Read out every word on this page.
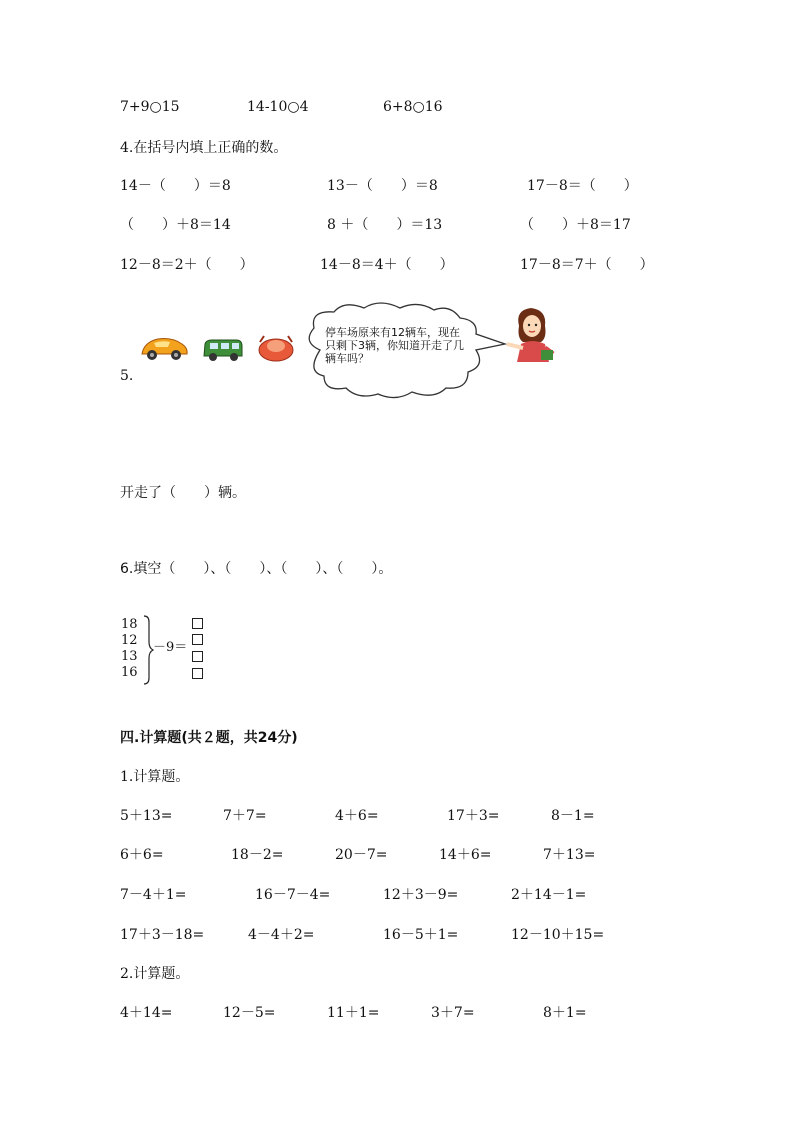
7+9○15	14-10○4	6+8○16
4.在括号内填上正确的数。
14－（　　）＝8	13－（　　）＝8	17－8＝（　　）
（　　）＋8＝14	8 ＋（　　）＝13	（　　）＋8＝17
12－8＝2＋（　　）	14－8＝4＋（　　）	17－8＝7＋（　　）
停车场原来有12辆车，现在只剩下3辆，你知道开走了几辆车吗？
5.
开走了（　　）辆。
6.填空（　　）、（　　）、（　　）、（　　）。
18
12
13
16
－9＝
四.计算题(共２题，共24分)
1.计算题。
5＋13=	7＋7=	4＋6=	17＋3=	8－1=
6＋6=	18－2=	20－7=	14＋6=	7＋13=
7－4＋1=	16－7－4=	12＋3－9=	2＋14－1=
17＋3－18=	4－4＋2=	16－5＋1=	12－10＋15=
2.计算题。
4＋14=	12－5=	11＋1=	3＋7=	8＋1=
